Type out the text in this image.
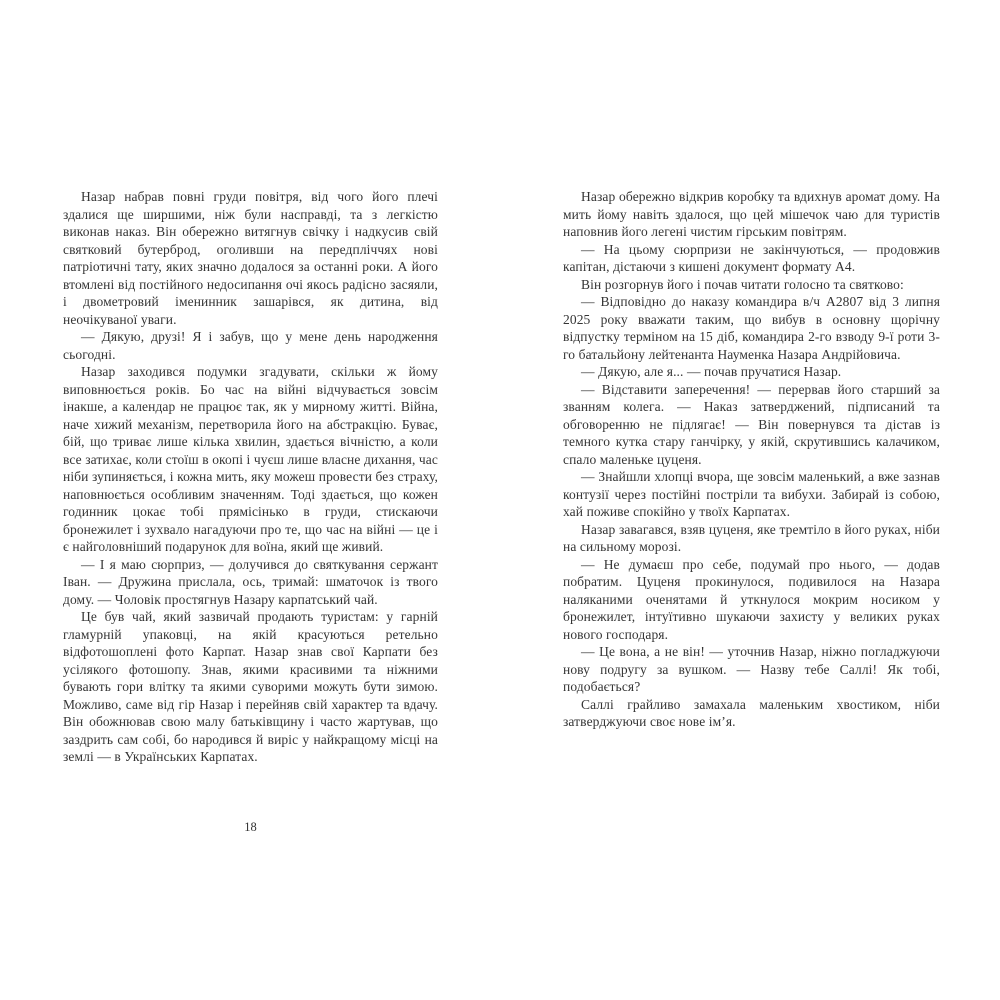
Назар набрав повні груди повітря, від чого його плечі здалися ще ширшими, ніж були насправді, та з легкістю виконав наказ. Він обережно витягнув свічку і надкусив свій святковий бутерброд, оголивши на передпліччях нові патріотичні тату, яких значно додалося за останні роки. А його втомлені від постійного недосипання очі якось радісно засяяли, і двометровий іменинник зашарівся, як дитина, від неочікуваної уваги.

— Дякую, друзі! Я і забув, що у мене день народження сьогодні.

Назар заходився подумки згадувати, скільки ж йому виповнюється років. Бо час на війні відчувається зовсім інакше, а календар не працює так, як у мирному житті. Війна, наче хижий механізм, перетворила його на абстракцію. Буває, бій, що триває лише кілька хвилин, здається вічністю, а коли все затихає, коли стоїш в окопі і чуєш лише власне дихання, час ніби зупиняється, і кожна мить, яку можеш провести без страху, наповнюється особливим значенням. Тоді здається, що кожен годинник цокає тобі прямісінько в груди, стискаючи бронежилет і зухвало нагадуючи про те, що час на війні — це і є найголовніший подарунок для воїна, який ще живий.

— І я маю сюрприз, — долучився до святкування сержант Іван. — Дружина прислала, ось, тримай: шматочок із твого дому. — Чоловік простягнув Назару карпатський чай.

Це був чай, який зазвичай продають туристам: у гарній гламурній упаковці, на якій красуються ретельно відфотошоплені фото Карпат. Назар знав свої Карпати без усілякого фотошопу. Знав, якими красивими та ніжними бувають гори влітку та якими суворими можуть бути зимою. Можливо, саме від гір Назар і перейняв свій характер та вдачу. Він обожнював свою малу батьківщину і часто жартував, що заздрить сам собі, бо народився й виріс у найкращому місці на землі — в Українських Карпатах.

Назар обережно відкрив коробку та вдихнув аромат дому. На мить йому навіть здалося, що цей мішечок чаю для туристів наповнив його легені чистим гірським повітрям.

— На цьому сюрпризи не закінчуються, — продовжив капітан, дістаючи з кишені документ формату А4.

Він розгорнув його і почав читати голосно та святково:

— Відповідно до наказу командира в/ч А2807 від 3 липня 2025 року вважати таким, що вибув в основну щорічну відпустку терміном на 15 діб, командира 2-го взводу 9-ї роти 3-го батальйону лейтенанта Науменка Назара Андрійовича.

— Дякую, але я... — почав пручатися Назар.

— Відставити заперечення! — перервав його старший за званням колега. — Наказ затверджений, підписаний та обговоренню не підлягає! — Він повернувся та дістав із темного кутка стару ганчірку, у якій, скрутившись калачиком, спало маленьке цуценя.

— Знайшли хлопці вчора, ще зовсім маленький, а вже зазнав контузії через постійні постріли та вибухи. Забирай із собою, хай поживе спокійно у твоїх Карпатах.

Назар завагався, взяв цуценя, яке тремтіло в його руках, ніби на сильному морозі.

— Не думаєш про себе, подумай про нього, — додав побратим. Цуценя прокинулося, подивилося на Назара наляканими оченятами й уткнулося мокрим носиком у бронежилет, інтуїтивно шукаючи захисту у великих руках нового господаря.

— Це вона, а не він! — уточнив Назар, ніжно погладжуючи нову подругу за вушком. — Назву тебе Саллі! Як тобі, подобається?

Саллі грайливо замахала маленьким хвостиком, ніби затверджуючи своє нове ім’я.

18
